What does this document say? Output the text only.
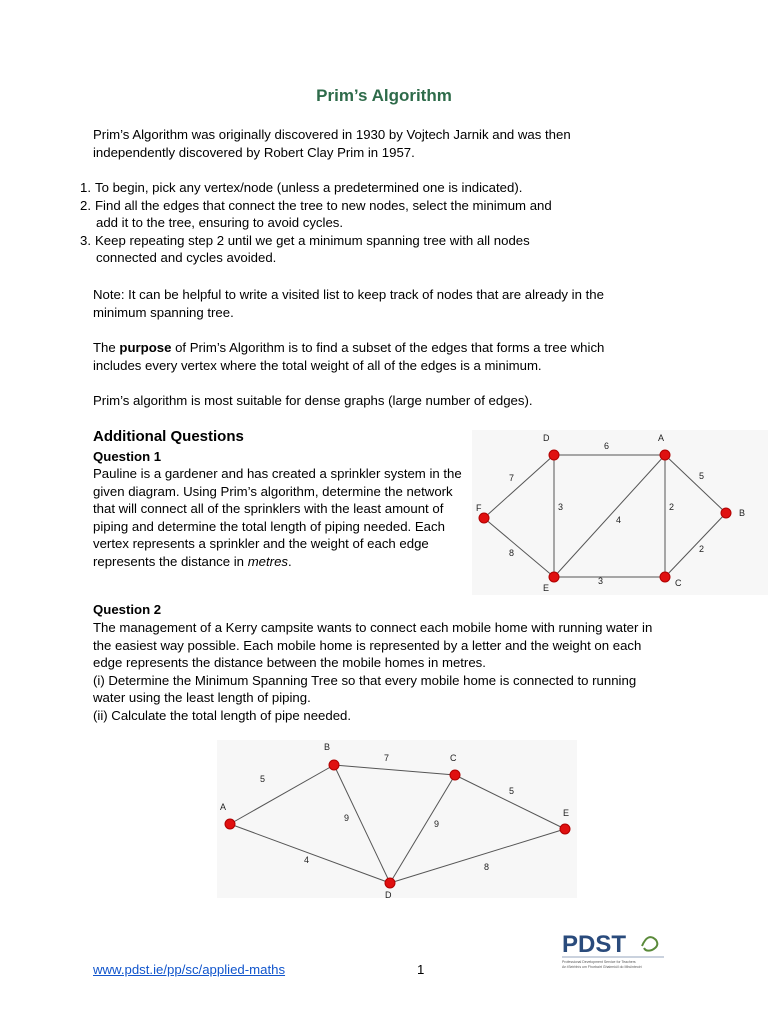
Prim’s Algorithm
Prim’s Algorithm was originally discovered in 1930 by Vojtech Jarnik and was then independently discovered by Robert Clay Prim in 1957.
1. To begin, pick any vertex/node (unless a predetermined one is indicated).
2. Find all the edges that connect the tree to new nodes, select the minimum and
add it to the tree, ensuring to avoid cycles.
3. Keep repeating step 2 until we get a minimum spanning tree with all nodes
connected and cycles avoided.
Note: It can be helpful to write a visited list to keep track of nodes that are already in the minimum spanning tree.
The purpose of Prim’s Algorithm is to find a subset of the edges that forms a tree which includes every vertex where the total weight of all of the edges is a minimum.
Prim’s algorithm is most suitable for dense graphs (large number of edges).
Additional Questions
Question 1
Pauline is a gardener and has created a sprinkler system in the given diagram. Using Prim’s algorithm, determine the network that will connect all of the sprinklers with the least amount of piping and determine the total length of piping needed. Each vertex represents a sprinkler and the weight of each edge represents the distance in metres.
6
7
3
4
2
5
2
8
3
D	A
F	B
E	C
Question 2
The management of a Kerry campsite wants to connect each mobile home with running water in the easiest way possible. Each mobile home is represented by a letter and the weight on each edge represents the distance between the mobile homes in metres.
(i) Determine the Minimum Spanning Tree so that every mobile home is connected to running water using the least length of piping.
(ii) Calculate the total length of pipe needed.
5
7
5
9
9
4
8
B
C
A
E
D
PDST
Professional Development Service for Teachers
An tSeirbhís um Fhorbairt Ghairmiúil do Mhúinteoirí
www.pdst.ie/pp/sc/applied-maths	1
